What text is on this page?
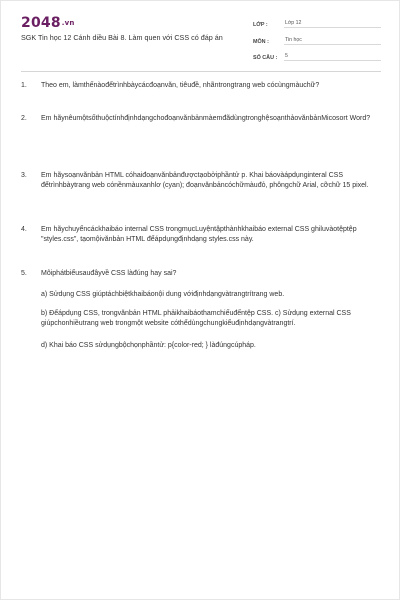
2048.vn
SGK Tin học 12 Cánh diều Bài 8. Làm quen với CSS có đáp án
LỚP :	Lớp 12
MÔN :	Tin học
SỐ CÂU :	5
1.	Theo em, làmthếnàođểtrìnhbàycácđoạnvăn, tiêuđề, nhãntrongtrang web cócùngmàuchữ?
2.	Em hãynêumộtsốthuộctínhđịnhdạngchođoạnvănbảnmàemđãdùngtronghệsoạnthảovănbảnMicosort Word?
3.	Em hãysoạnvănbản HTML cóhaiđoạnvănbảnđượctạobởiphầntử p. Khai báovàápdụnginteral CSS đểtrìnhbàytrang web cónềnmàuxanhlơ (cyan); đoạnvănbảncóchữmàuđỏ, phôngchữ Arial, cỡchữ 15 pixel.
4.	Em hãychuyểncáckhaibáo internal CSS trongmụcLuyệntậpthànhkhaibáo external CSS ghiluvàotệptệp "styles.css", tạomộivănbản HTML đểápdụngđịnhdạng styles.css này.
5.	Môiphátbiểusauđâyvề CSS làđúng hay sai?
a) Sửdụng CSS giúptáchbiệtkhaibáonội dung vớiđịnhdạngvàtrangtrítrang web.
b) Đểápdụng CSS, trongvănbản HTML phảikhaibáothamchiếuđếntệp CSS. c) Sửdụng external CSS giúpchonhiềutrang web trongmột website cóthểdùngchungkiểuđịnhdạngvàtrangtrí.
d) Khai báo CSS sửdụngbộchọnphầntử: p{color-red; } làđúngcúpháp.
